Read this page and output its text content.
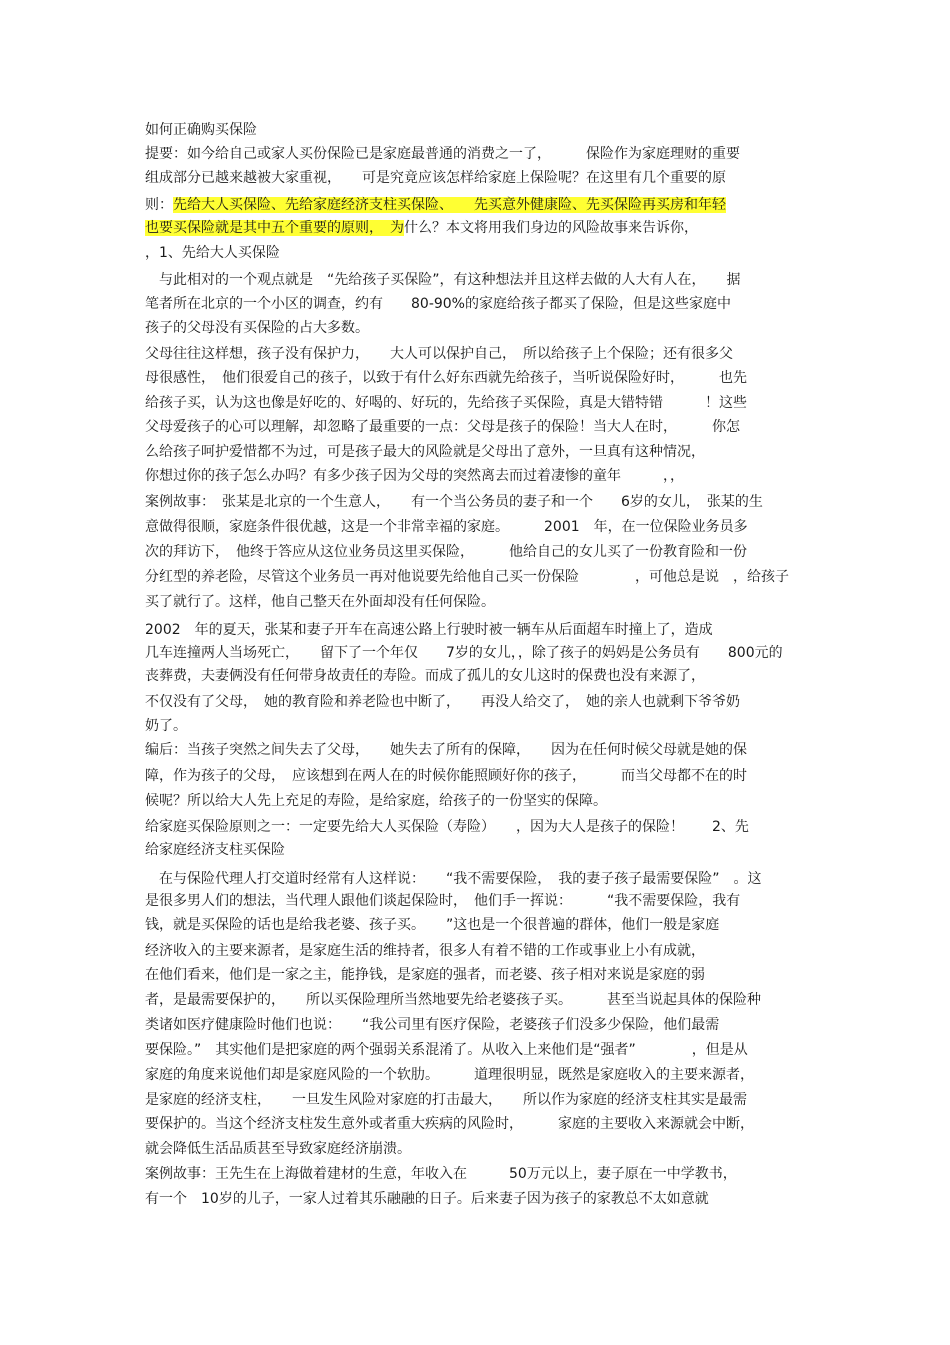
如何正确购买保险
提要：如今给自己或家人买份保险已是家庭最普通的消费之一了，　　　保险作为家庭理财的重要
组成部分已越来越被大家重视，　　可是究竟应该怎样给家庭上保险呢？在这里有几个重要的原
则：先给大人买保险、先给家庭经济支柱买保险、　　先买意外健康险、先买保险再买房和年轻
也要买保险就是其中五个重要的原则，　为什么？本文将用我们身边的风险故事来告诉你，
，1、先给大人买保险
　与此相对的一个观点就是　“先给孩子买保险”，有这种想法并且这样去做的人大有人在，　　据
笔者所在北京的一个小区的调查，约有　　80-90%的家庭给孩子都买了保险，但是这些家庭中
孩子的父母没有买保险的占大多数。
父母往往这样想，孩子没有保护力，　　大人可以保护自己，　所以给孩子上个保险；还有很多父
母很感性，　他们很爱自己的孩子，以致于有什么好东西就先给孩子，当听说保险好时，　　　也先
给孩子买，认为这也像是好吃的、好喝的、好玩的，先给孩子买保险，真是大错特错　　　！这些
父母爱孩子的心可以理解，却忽略了最重要的一点：父母是孩子的保险！当大人在时，　　　你怎
么给孩子呵护爱惜都不为过，可是孩子最大的风险就是父母出了意外，一旦真有这种情况，
你想过你的孩子怎么办吗？有多少孩子因为父母的突然离去而过着凄惨的童年　　　，，
案例故事：　张某是北京的一个生意人，　　有一个当公务员的妻子和一个　　6岁的女儿，　张某的生
意做得很顺，家庭条件很优越，这是一个非常幸福的家庭。　　　2001　年，在一位保险业务员多
次的拜访下，　他终于答应从这位业务员这里买保险，　　　他给自己的女儿买了一份教育险和一份
分红型的养老险，尽管这个业务员一再对他说要先给他自己买一份保险　　　　，可他总是说　，给孩子
买了就行了。这样，他自己整天在外面却没有任何保险。
2002　年的夏天，张某和妻子开车在高速公路上行驶时被一辆车从后面超车时撞上了，造成
几车连撞两人当场死亡，　　留下了一个年仅　　7岁的女儿，，除了孩子的妈妈是公务员有　　800元的
丧葬费，夫妻俩没有任何带身故责任的寿险。而成了孤儿的女儿这时的保费也没有来源了，
不仅没有了父母，　她的教育险和养老险也中断了，　　再没人给交了，　她的亲人也就剩下爷爷奶
奶了。
编后：当孩子突然之间失去了父母，　　她失去了所有的保障，　　因为在任何时候父母就是她的保
障，作为孩子的父母，　应该想到在两人在的时候你能照顾好你的孩子，　　　而当父母都不在的时
候呢？所以给大人先上充足的寿险，是给家庭，给孩子的一份坚实的保障。
给家庭买保险原则之一：一定要先给大人买保险（寿险）　　，因为大人是孩子的保险！　　2、先
给家庭经济支柱买保险
　在与保险代理人打交道时经常有人这样说：　　“我不需要保险，　我的妻子孩子最需要保险”　。这
是很多男人们的想法，当代理人跟他们谈起保险时，　他们手一挥说：　　　“我不需要保险，我有
钱，就是买保险的话也是给我老婆、孩子买。　　”这也是一个很普遍的群体，他们一般是家庭
经济收入的主要来源者，是家庭生活的维持者，很多人有着不错的工作或事业上小有成就，
在他们看来，他们是一家之主，能挣钱，是家庭的强者，而老婆、孩子相对来说是家庭的弱
者，是最需要保护的，　　所以买保险理所当然地要先给老婆孩子买。　　　甚至当说起具体的保险种
类诸如医疗健康险时他们也说：　　“我公司里有医疗保险，老婆孩子们没多少保险，他们最需
要保险。”　其实他们是把家庭的两个强弱关系混淆了。从收入上来他们是“强者”　　　　，但是从
家庭的角度来说他们却是家庭风险的一个软肋。　　　道理很明显，既然是家庭收入的主要来源者，
是家庭的经济支柱，　　一旦发生风险对家庭的打击最大，　　所以作为家庭的经济支柱其实是最需
要保护的。当这个经济支柱发生意外或者重大疾病的风险时，　　　家庭的主要收入来源就会中断，
就会降低生活品质甚至导致家庭经济崩溃。
案例故事：王先生在上海做着建材的生意，年收入在　　　50万元以上，妻子原在一中学教书，
有一个　10岁的儿子，一家人过着其乐融融的日子。后来妻子因为孩子的家教总不太如意就
